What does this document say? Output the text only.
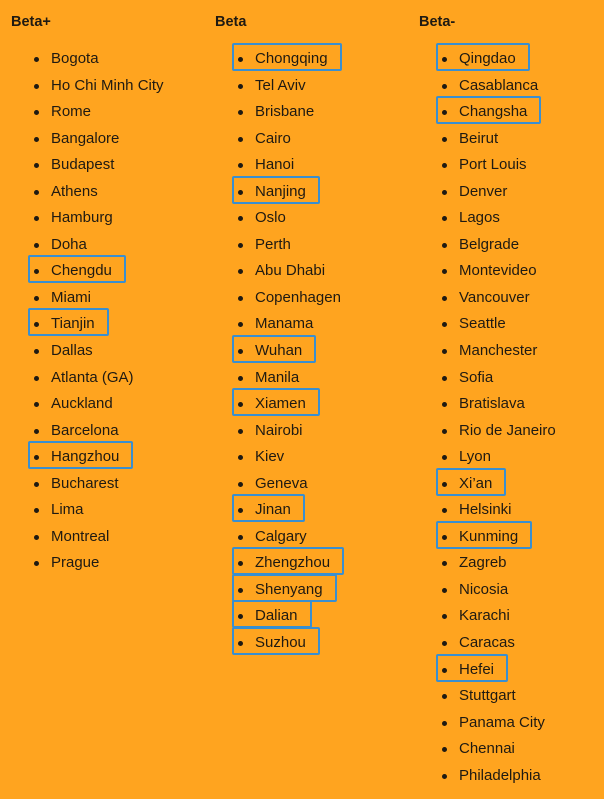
Beta+
Bogota
Ho Chi Minh City
Rome
Bangalore
Budapest
Athens
Hamburg
Doha
Chengdu
Miami
Tianjin
Dallas
Atlanta (GA)
Auckland
Barcelona
Hangzhou
Bucharest
Lima
Montreal
Prague
Beta
Chongqing
Tel Aviv
Brisbane
Cairo
Hanoi
Nanjing
Oslo
Perth
Abu Dhabi
Copenhagen
Manama
Wuhan
Manila
Xiamen
Nairobi
Kiev
Geneva
Jinan
Calgary
Zhengzhou
Shenyang
Dalian
Suzhou
Beta-
Qingdao
Casablanca
Changsha
Beirut
Port Louis
Denver
Lagos
Belgrade
Montevideo
Vancouver
Seattle
Manchester
Sofia
Bratislava
Rio de Janeiro
Lyon
Xi’an
Helsinki
Kunming
Zagreb
Nicosia
Karachi
Caracas
Hefei
Stuttgart
Panama City
Chennai
Philadelphia
